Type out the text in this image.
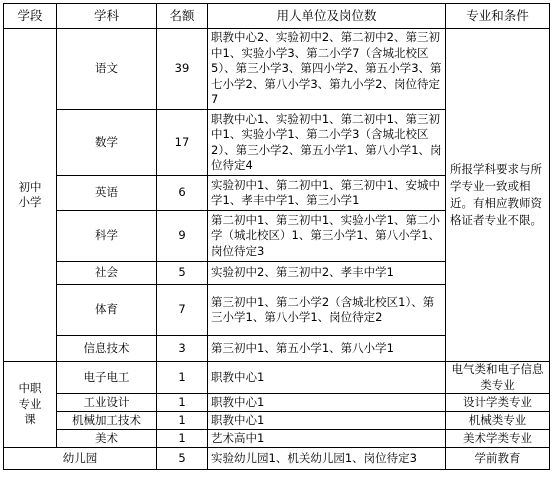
学段	学科	名额	用人单位及岗位数	专业和条件
初中
小学	语文	39	职教中心2、实验初中2、第二初中2、第三初中1、实验小学3、第二小学7（含城北校区5）、第三小学3、第四小学2、第五小学3、第七小学2、第八小学3、第九小学2、岗位待定7	所报学科要求与所学专业一致或相近。有相应教师资格证者专业不限。
	数学	17	职教中心1、实验初中1、第二初中1、第三初中1、实验小学1、第二小学3（含城北校区2）、第三小学2、第五小学1、第八小学1、岗位待定4	
	英语	6	实验初中1、第二初中1、第三初中1、安城中学1、孝丰中学1、第三小学1	
	科学	9	第二初中1、第三初中1、实验小学1、第二小学（城北校区）1、第三小学1、第八小学1、岗位待定3	
	社会	5	实验初中2、第三初中2、孝丰中学1	
	体育	7	第三初中1、第二小学2（含城北校区1）、第三小学1、第八小学1、岗位待定2	
	信息技术	3	第三初中1、第五小学1、第八小学1	
中职
专业
课	电子电工	1	职教中心1	电气类和电子信息类专业
	工业设计	1	职教中心1	设计学类专业
	机械加工技术	1	职教中心1	机械类专业
	美术	1	艺术高中1	美术学类专业
幼儿园		5	实验幼儿园1、机关幼儿园1、岗位待定3	学前教育
